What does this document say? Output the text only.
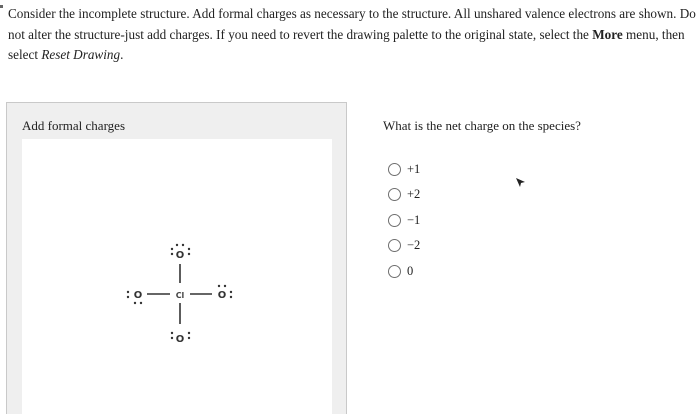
Consider the incomplete structure. Add formal charges as necessary to the structure. All unshared valence electrons are shown. Do not alter the structure-just add charges. If you need to revert the drawing palette to the original state, select the More menu, then select Reset Drawing.

Add formal charges
O
Cl
O	O
O
What is the net charge on the species?
+1
+2
−1
−2
0
